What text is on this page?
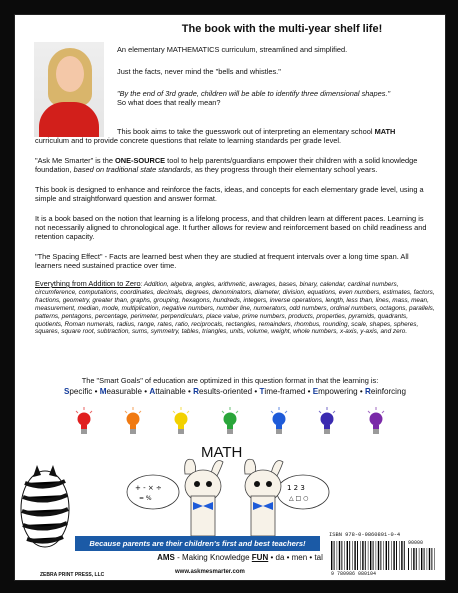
The book with the multi-year shelf life!
An elementary MATHEMATICS curriculum, streamlined and simplified.
Just the facts, never mind the "bells and whistles."
"By the end of 3rd grade, children will be able to identify three dimensional shapes."
So what does that really mean?
This book aims to take the guesswork out of interpreting an elementary school MATH
curriculum and to provide concrete questions that relate to learning standards per grade level.
"Ask Me Smarter" is the ONE-SOURCE tool to help parents/guardians empower their children with a solid knowledge foundation, based on traditional state standards, as they progress through their elementary school years.
This book is designed to enhance and reinforce the facts, ideas, and concepts for each elementary grade level, using a simple and straightforward question and answer format.
It is a book based on the notion that learning is a lifelong process, and that children learn at different paces. Learning is not necessarily aligned to chronological age. It further allows for review and reinforcement based on child readiness and retention capacity.
"The Spacing Effect" - Facts are learned best when they are studied at frequent intervals over a long time span. All learners need sustained practice over time.
Everything from Addition to Zero: Addition, algebra, angles, arithmetic, averages, bases, binary, calendar, cardinal numbers, circumference, computations, coordinates, decimals, degrees, denominators, diameter, division, equations, even numbers, estimates, factors, fractions, geometry, greater than, graphs, grouping, hexagons, hundreds, integers, inverse operations, length, less than, lines, mass, mean, measurement, median, mode, multiplication, negative numbers, number line, numerators, odd numbers, ordinal numbers, octagons, parallels, patterns, pentagons, percentage, perimeter, perpendiculars, place value, prime numbers, products, properties, pyramids, quadrants, quotients, Roman numerals, radius, range, rates, ratio, reciprocals, rectangles, remainders, rhombus, rounding, scale, shapes, spheres, squares, square root, subtraction, sums, symmetry, tables, triangles, units, volume, weight, whole numbers, x-axis, y-axis, and zero.
The "Smart Goals" of education are optimized in this question format in that the learning is:
Specific • Measurable • Attainable • Results-oriented • Time-framed • Empowering • Reinforcing
MATH
+ - × ÷
= %
1 2 3
△ □ ○
Because parents are their children's first and best teachers!
AMS - Making Knowledge FUN • da • men • tal
ZEBRA PRINT PRESS, LLC	www.askmesmarter.com
ISBN 978-0-9860801-0-4
90000
9 780986 080104
